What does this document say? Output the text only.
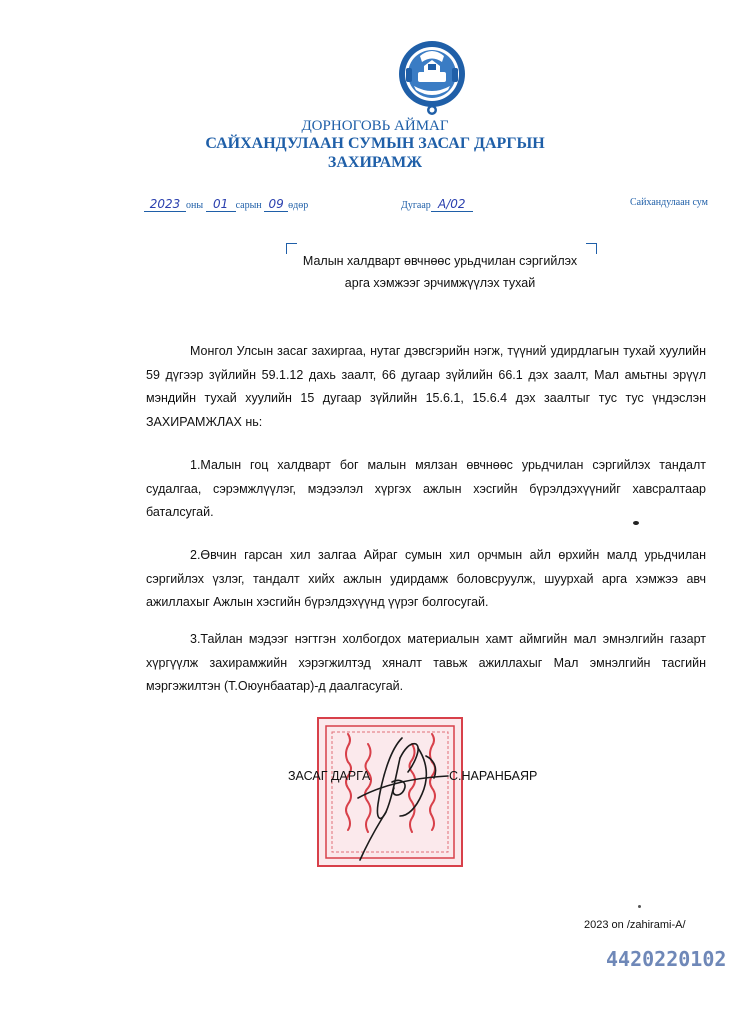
ДОРНОГОВЬ АЙМАГ
САЙХАНДУЛААН СУМЫН ЗАСАГ ДАРГЫН
ЗАХИРАМЖ
2023 оны 01 сарын 09 өдөр	Дугаар А/02	Сайхандулаан сум
Малын халдварт өвчнөөс урьдчилан сэргийлэх
арга хэмжээг эрчимжүүлэх тухай
Монгол Улсын засаг захиргаа, нутаг дэвсгэрийн нэгж, түүний удирдлагын тухай хуулийн 59 дүгээр зүйлийн 59.1.12 дахь заалт, 66 дугаар зүйлийн 66.1 дэх заалт, Мал амьтны эрүүл мэндийн тухай хуулийн 15 дугаар зүйлийн 15.6.1, 15.6.4 дэх заалтыг тус тус үндэслэн ЗАХИРАМЖЛАХ нь:
1.Малын гоц халдварт бог малын мялзан өвчнөөс урьдчилан сэргийлэх тандалт судалгаа, сэрэмжлүүлэг, мэдээлэл хүргэх ажлын хэсгийн бүрэлдэхүүнийг хавсралтаар баталсугай.
2.Өвчин гарсан хил залгаа Айраг сумын хил орчмын айл өрхийн малд урьдчилан сэргийлэх үзлэг, тандалт хийх ажлын удирдамж боловсруулж, шуурхай арга хэмжээ авч ажиллахыг Ажлын хэсгийн бүрэлдэхүүнд үүрэг болгосугай.
3.Тайлан мэдээг нэгтгэн холбогдох материалын хамт аймгийн мал эмнэлгийн газарт хүргүүлж захирамжийн хэрэгжилтэд хяналт тавьж ажиллахыг Мал эмнэлгийн тасгийн мэргэжилтэн (Т.Оюунбаатар)-д даалгасугай.
ЗАСАГ ДАРГА	С.НАРАНБАЯР
2023 on /zahirami-A/
4420220102
